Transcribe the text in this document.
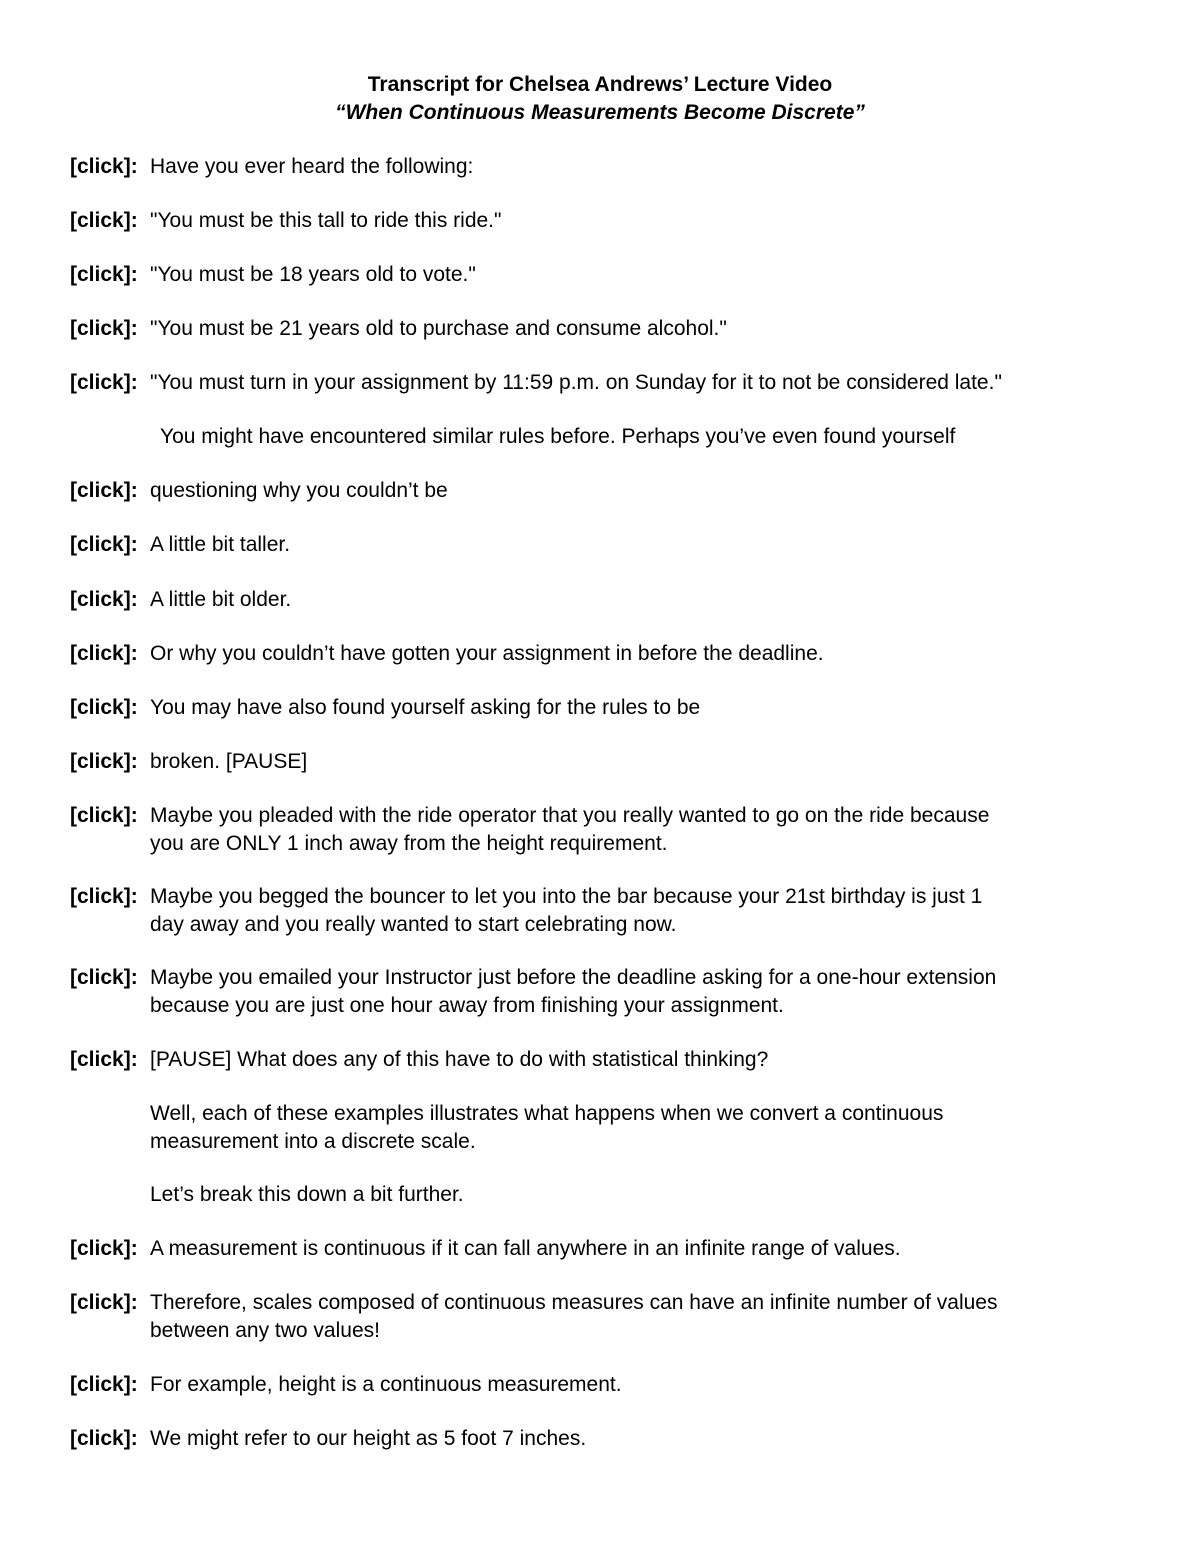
Transcript for Chelsea Andrews’ Lecture Video
“When Continuous Measurements Become Discrete”
[click]: Have you ever heard the following:
[click]: "You must be this tall to ride this ride."
[click]: "You must be 18 years old to vote."
[click]: "You must be 21 years old to purchase and consume alcohol."
[click]: "You must turn in your assignment by 11:59 p.m. on Sunday for it to not be considered late."
You might have encountered similar rules before. Perhaps you’ve even found yourself
[click]: questioning why you couldn’t be
[click]: A little bit taller.
[click]: A little bit older.
[click]: Or why you couldn’t have gotten your assignment in before the deadline.
[click]: You may have also found yourself asking for the rules to be
[click]: broken. [PAUSE]
[click]: Maybe you pleaded with the ride operator that you really wanted to go on the ride because
you are ONLY 1 inch away from the height requirement.
[click]: Maybe you begged the bouncer to let you into the bar because your 21st birthday is just 1
day away and you really wanted to start celebrating now.
[click]: Maybe you emailed your Instructor just before the deadline asking for a one-hour extension
because you are just one hour away from finishing your assignment.
[click]: [PAUSE] What does any of this have to do with statistical thinking?
Well, each of these examples illustrates what happens when we convert a continuous
measurement into a discrete scale.
Let’s break this down a bit further.
[click]: A measurement is continuous if it can fall anywhere in an infinite range of values.
[click]: Therefore, scales composed of continuous measures can have an infinite number of values
between any two values!
[click]: For example, height is a continuous measurement.
[click]: We might refer to our height as 5 foot 7 inches.
